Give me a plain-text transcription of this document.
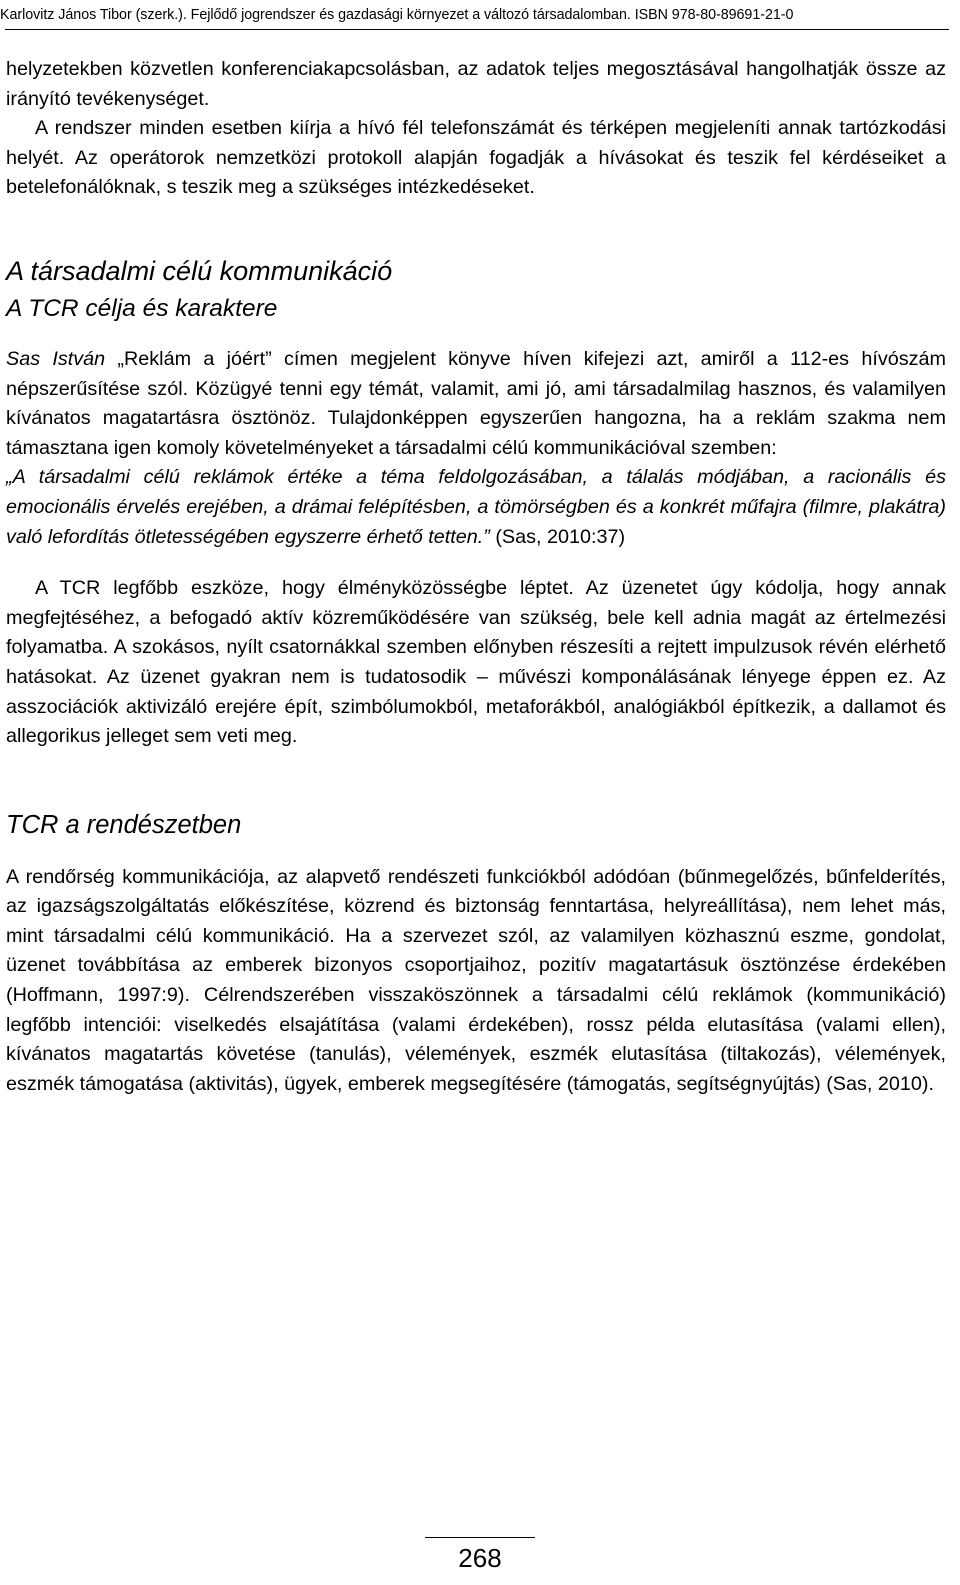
Karlovitz János Tibor (szerk.). Fejlődő jogrendszer és gazdasági környezet a változó társadalomban. ISBN 978-80-89691-21-0

helyzetekben közvetlen konferenciakapcsolásban, az adatok teljes megosztásával hangolhatják össze az irányító tevékenységet.

A rendszer minden esetben kiírja a hívó fél telefonszámát és térképen megjeleníti annak tartózkodási helyét. Az operátorok nemzetközi protokoll alapján fogadják a hívásokat és teszik fel kérdéseiket a betelefonálóknak, s teszik meg a szükséges intézkedéseket.

A társadalmi célú kommunikáció
A TCR célja és karaktere

Sas István „Reklám a jóért” címen megjelent könyve híven kifejezi azt, amiről a 112-es hívószám népszerűsítése szól. Közügyé tenni egy témát, valamit, ami jó, ami társadalmilag hasznos, és valamilyen kívánatos magatartásra ösztönöz. Tulajdonképpen egyszerűen hangozna, ha a reklám szakma nem támasztana igen komoly követelményeket a társadalmi célú kommunikációval szemben:

„A társadalmi célú reklámok értéke a téma feldolgozásában, a tálalás módjában, a racionális és emocionális érvelés erejében, a drámai felépítésben, a tömörségben és a konkrét műfajra (filmre, plakátra) való lefordítás ötletességében egyszerre érhető tetten.” (Sas, 2010:37)

A TCR legfőbb eszköze, hogy élményközösségbe léptet. Az üzenetet úgy kódolja, hogy annak megfejtéséhez, a befogadó aktív közreműködésére van szükség, bele kell adnia magát az értelmezési folyamatba. A szokásos, nyílt csatornákkal szemben előnyben részesíti a rejtett impulzusok révén elérhető hatásokat. Az üzenet gyakran nem is tudatosodik – művészi komponálásának lényege éppen ez. Az asszociációk aktivizáló erejére épít, szimbólumokból, metaforákból, analógiákból építkezik, a dallamot és allegorikus jelleget sem veti meg.

TCR a rendészetben

A rendőrség kommunikációja, az alapvető rendészeti funkciókból adódóan (bűnmegelőzés, bűnfelderítés, az igazságszolgáltatás előkészítése, közrend és biztonság fenntartása, helyreállítása), nem lehet más, mint társadalmi célú kommunikáció. Ha a szervezet szól, az valamilyen közhasznú eszme, gondolat, üzenet továbbítása az emberek bizonyos csoportjaihoz, pozitív magatartásuk ösztönzése érdekében (Hoffmann, 1997:9). Célrendszerében visszaköszönnek a társadalmi célú reklámok (kommunikáció) legfőbb intenciói: viselkedés elsajátítása (valami érdekében), rossz példa elutasítása (valami ellen), kívánatos magatartás követése (tanulás), vélemények, eszmék elutasítása (tiltakozás), vélemények, eszmék támogatása (aktivitás), ügyek, emberek megsegítésére (támogatás, segítségnyújtás) (Sas, 2010).

268
